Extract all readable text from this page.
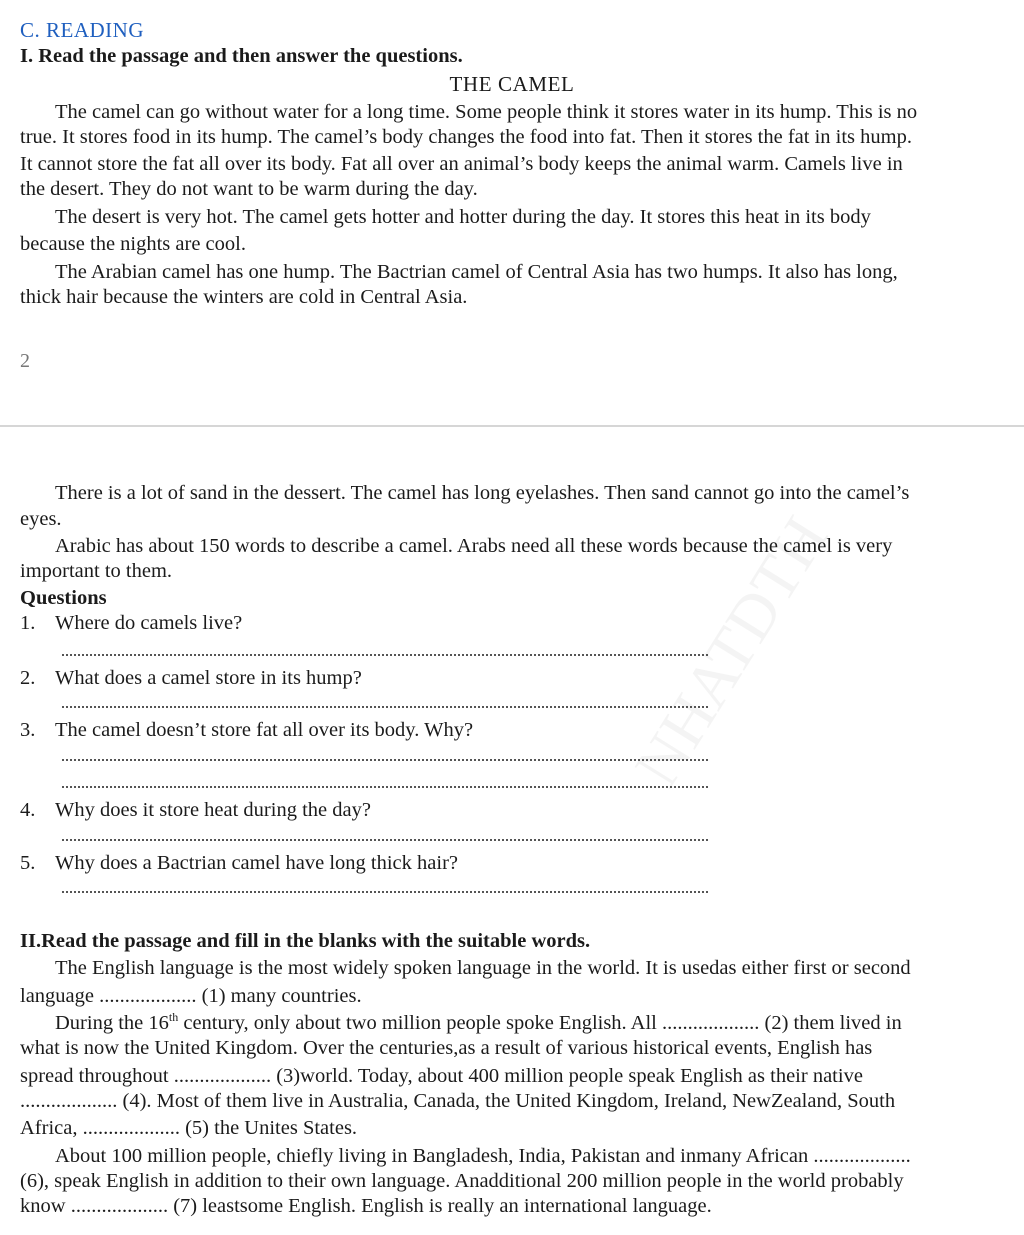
C. READING
I. Read the passage and then answer the questions.
THE CAMEL
The camel can go without water for a long time. Some people think it stores water in its hump. This is no
true. It stores food in its hump. The camel’s body changes the food into fat. Then it stores the fat in its hump.
It cannot store the fat all over its body. Fat all over an animal’s body keeps the animal warm. Camels live in
the desert. They do not want to be warm during the day.
The desert is very hot. The camel gets hotter and hotter during the day. It stores this heat in its body
because the nights are cool.
The Arabian camel has one hump. The Bactrian camel of Central Asia has two humps. It also has long,
thick hair because the winters are cold in Central Asia.
2
There is a lot of sand in the dessert. The camel has long eyelashes. Then sand cannot go into the camel’s
eyes.
Arabic has about 150 words to describe a camel. Arabs need all these words because the camel is very
important to them.
Questions
1. Where do camels live?
2. What does a camel store in its hump?
3. The camel doesn’t store fat all over its body. Why?
4. Why does it store heat during the day?
5. Why does a Bactrian camel have long thick hair?
II.Read the passage and fill in the blanks with the suitable words.
The English language is the most widely spoken language in the world. It is usedas either first or second
language ................... (1) many countries.
During the 16th century, only about two million people spoke English. All ................... (2) them lived in
what is now the United Kingdom. Over the centuries,as a result of various historical events, English has
spread throughout ................... (3)world. Today, about 400 million people speak English as their native
................... (4). Most of them live in Australia, Canada, the United Kingdom, Ireland, NewZealand, South
Africa, ................... (5) the Unites States.
About 100 million people, chiefly living in Bangladesh, India, Pakistan and inmany African ...................
(6), speak English in addition to their own language. Anadditional 200 million people in the world probably
know ................... (7) leastsome English. English is really an international language.
